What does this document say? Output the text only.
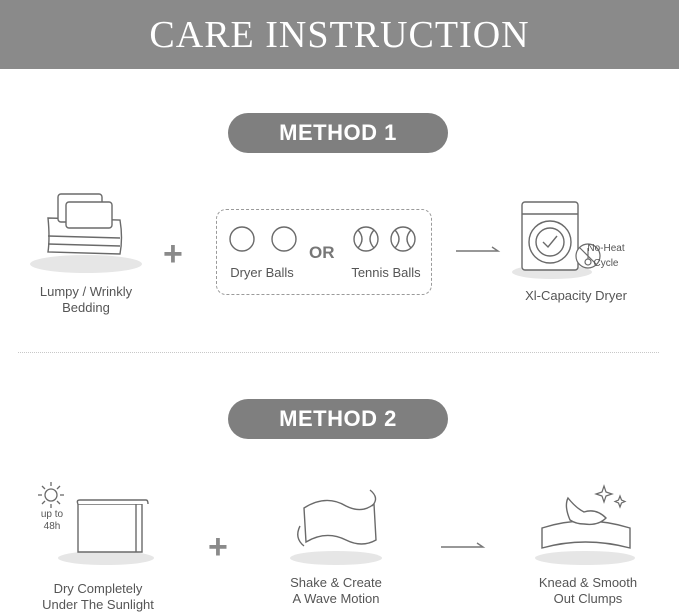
CARE INSTRUCTION
METHOD 1
Lumpy / Wrinkly
Bedding
+	OR
Dryer Balls	Tennis Balls
No-Heat
Cycle
Xl-Capacity Dryer
METHOD 2
up to
48h
Dry Completely
Under The Sunlight
+
Shake & Create
A Wave Motion
Knead & Smooth
Out Clumps
